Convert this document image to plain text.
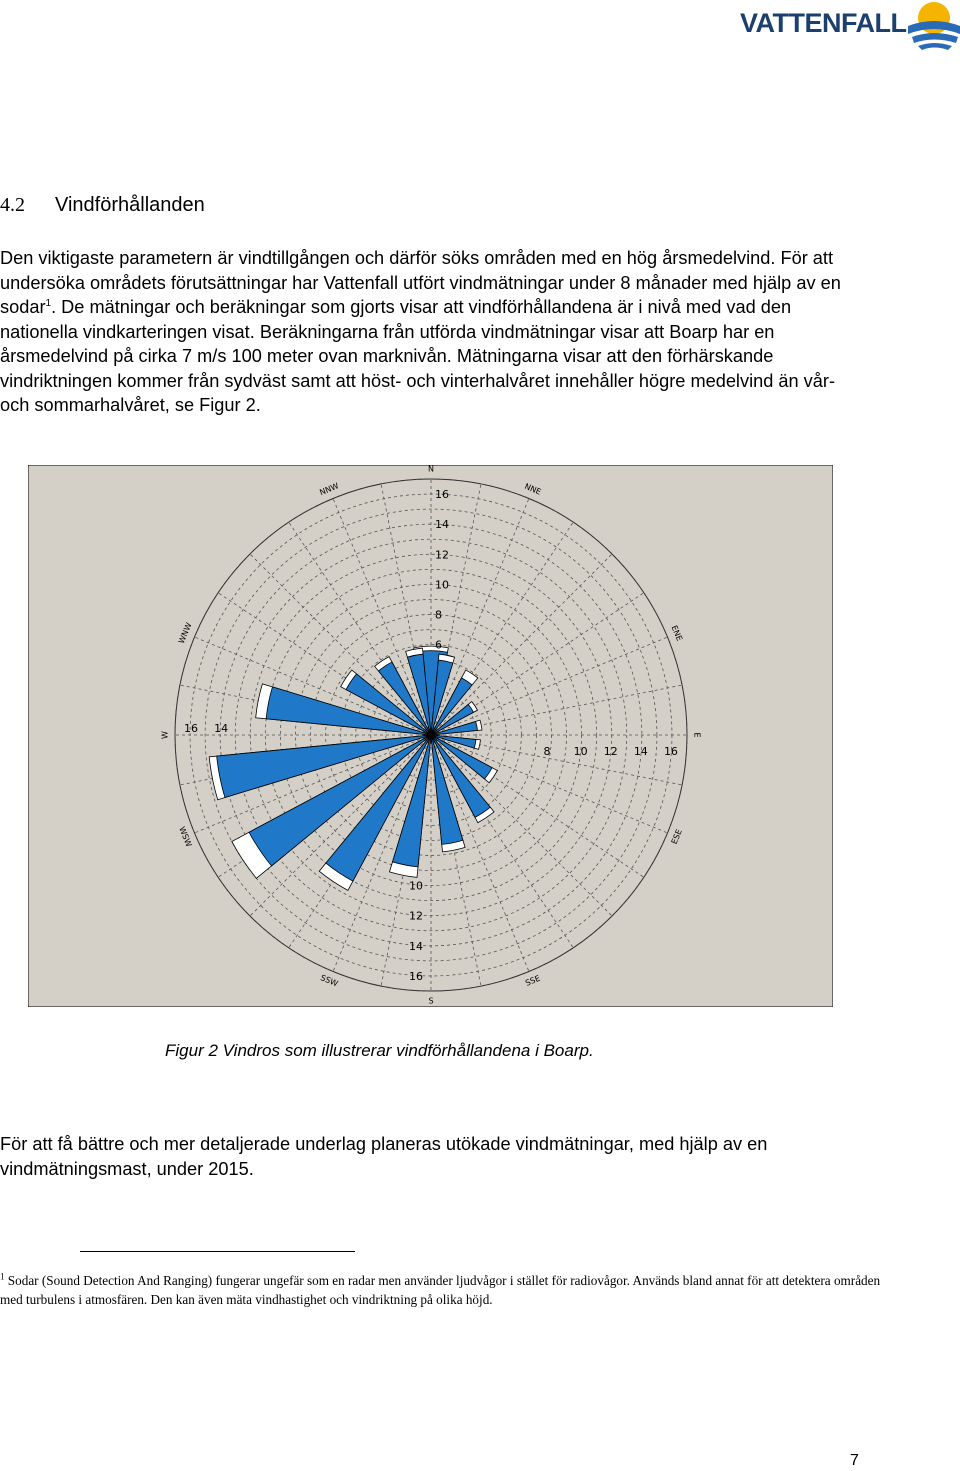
VATTENFALL
4.2	Vindförhållanden
Den viktigaste parametern är vindtillgången och därför söks områden med en hög årsmedelvind. För att undersöka områdets förutsättningar har Vattenfall utfört vindmätningar under 8 månader med hjälp av en sodar$^1$. De mätningar och beräkningar som gjorts visar att vindförhållandena är i nivå med vad den nationella vindkarteringen visat. Beräkningarna från utförda vindmätningar visar att Boarp har en årsmedelvind på cirka 7 m/s 100 meter ovan marknivån. Mätningarna visar att den förhärskande vindriktningen kommer från sydväst samt att höst- och vinterhalvåret innehåller högre medelvind än vår- och sommarhalvåret, se Figur 2.
N
NNE
ENE
E
ESE
SSE
S
SSW
WSW
W
WNW
NNW
6
8
10
12
14
16
8 10 12 14 16
10
12
14
16
16 14
Figur 2 Vindros som illustrerar vindförhållandena i Boarp.
För att få bättre och mer detaljerade underlag planeras utökade vindmätningar, med hjälp av en vindmätningsmast, under 2015.
$^1$ Sodar (Sound Detection And Ranging) fungerar ungefär som en radar men använder ljudvågor i stället för radiovågor. Används bland annat för att detektera områden med turbulens i atmosfären. Den kan även mäta vindhastighet och vindriktning på olika höjd.
7
